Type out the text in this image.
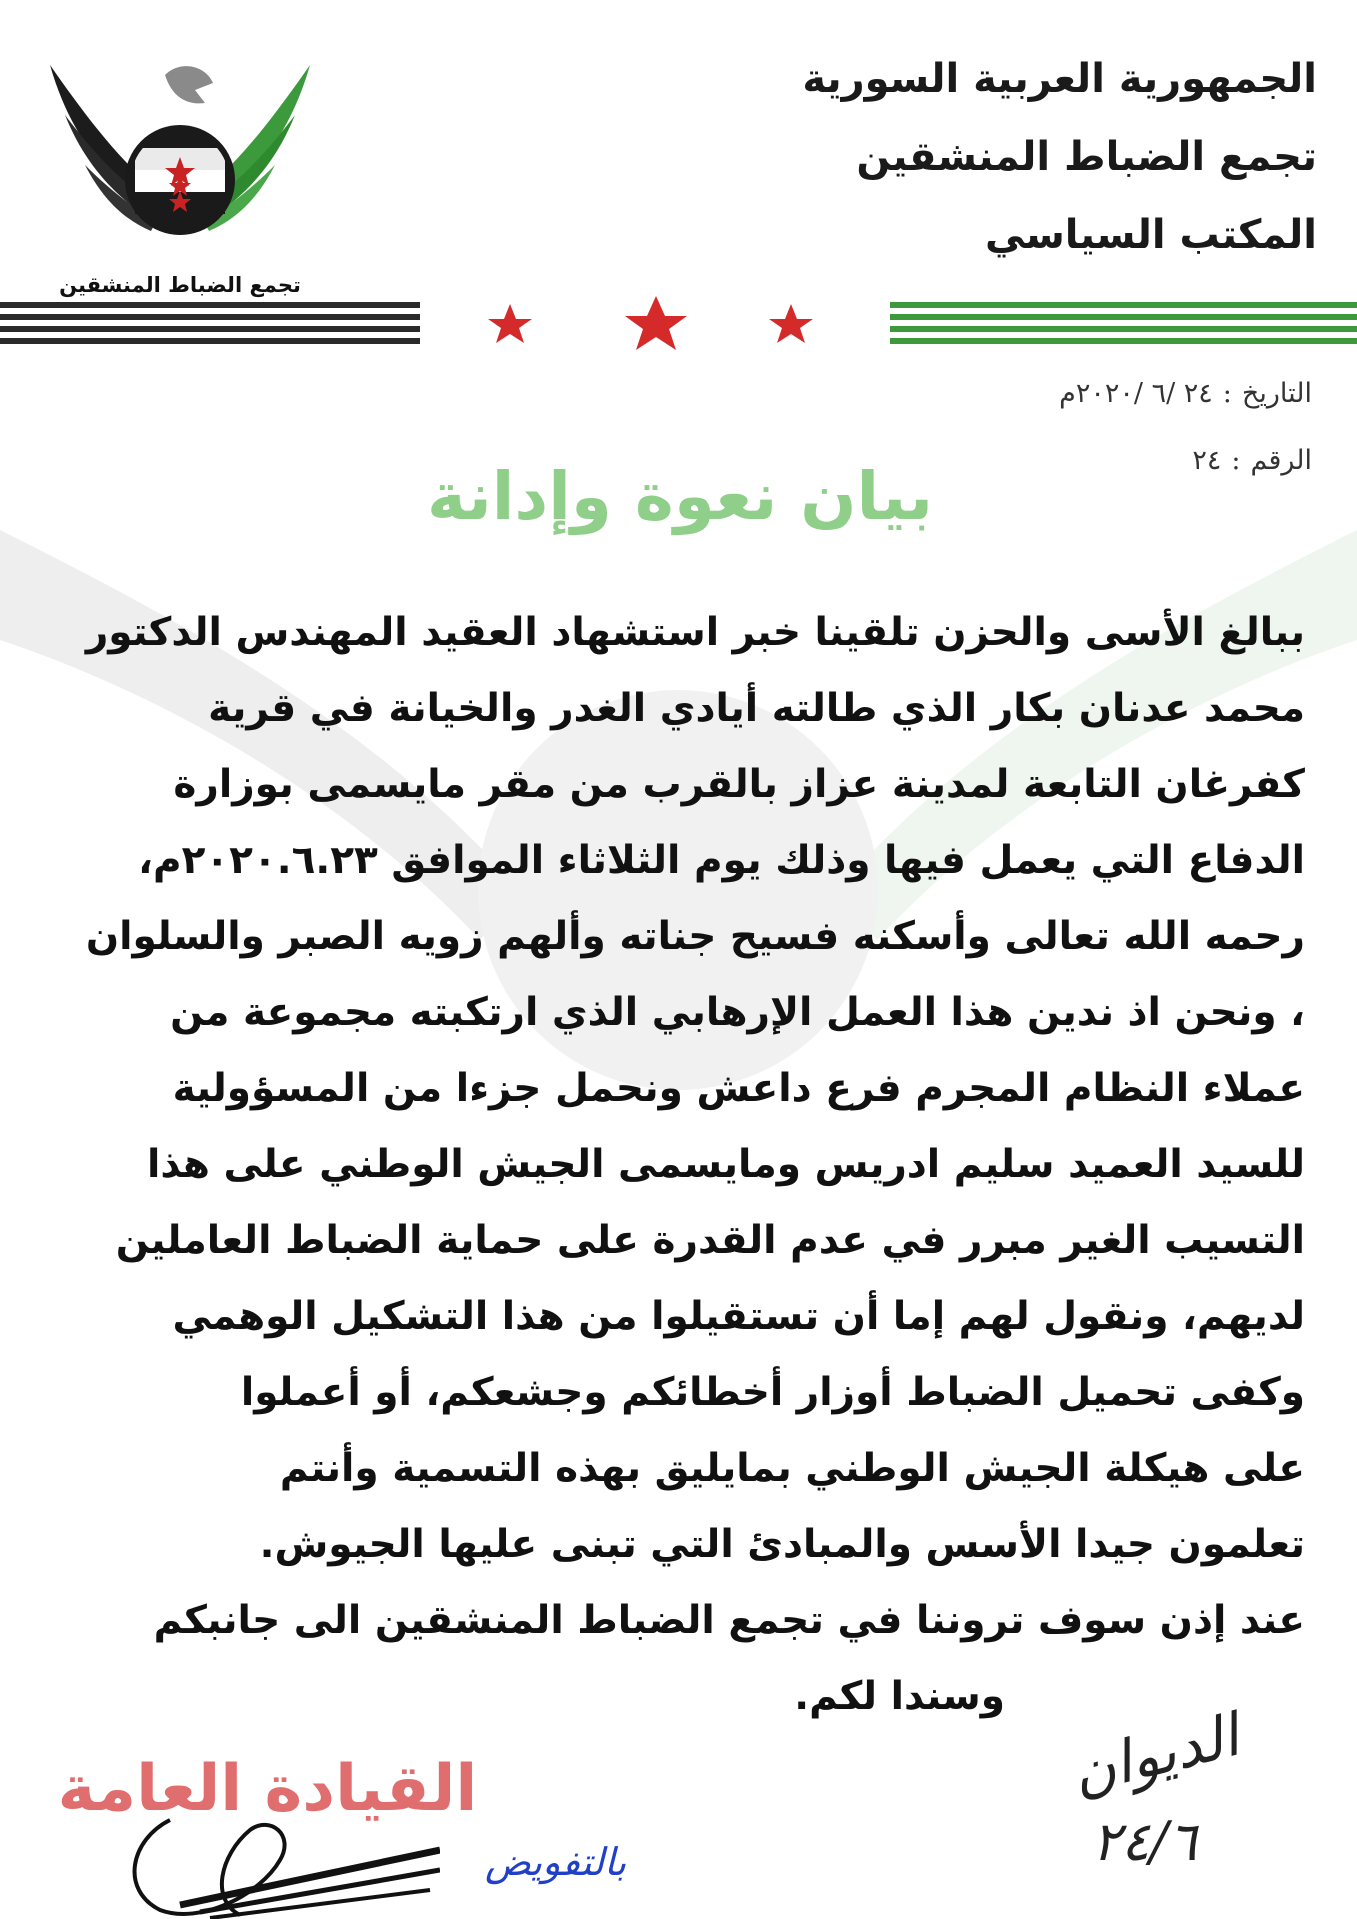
تجمع الضباط المنشقين
الجمهورية العربية السورية
تجمع الضباط المنشقين
المكتب السياسي
التاريخ:٢٤ /٦ /٢٠٢٠م
الرقم:٢٤
بيان نعوة وإدانة
ببالغ الأسى والحزن تلقينا خبر استشهاد العقيد المهندس الدكتور
محمد عدنان بكار الذي طالته أيادي الغدر والخيانة في قرية
كفرغان التابعة لمدينة عزاز بالقرب من مقر مايسمى بوزارة
الدفاع التي يعمل فيها وذلك يوم الثلاثاء الموافق ٢٠٢٠.٦.٢٣م،
رحمه الله تعالى وأسكنه فسيح جناته وألهم زويه الصبر والسلوان
، ونحن اذ ندين هذا العمل الإرهابي الذي ارتكبته مجموعة من
عملاء النظام المجرم فرع داعش ونحمل جزءا من المسؤولية
للسيد العميد سليم ادريس ومايسمى الجيش الوطني على هذا
التسيب الغير مبرر في عدم القدرة على حماية الضباط العاملين
لديهم، ونقول لهم إما أن تستقيلوا من هذا التشكيل الوهمي
وكفى تحميل الضباط أوزار أخطائكم وجشعكم، أو أعملوا
على هيكلة الجيش الوطني بمايليق بهذه التسمية وأنتم
تعلمون جيدا الأسس والمبادئ التي تبنى عليها الجيوش.
عند إذن سوف تروننا في تجمع الضباط المنشقين الى جانبكم
وسندا لكم.
الديوان
٢٤/٦
القيادة العامة
بالتفويض
